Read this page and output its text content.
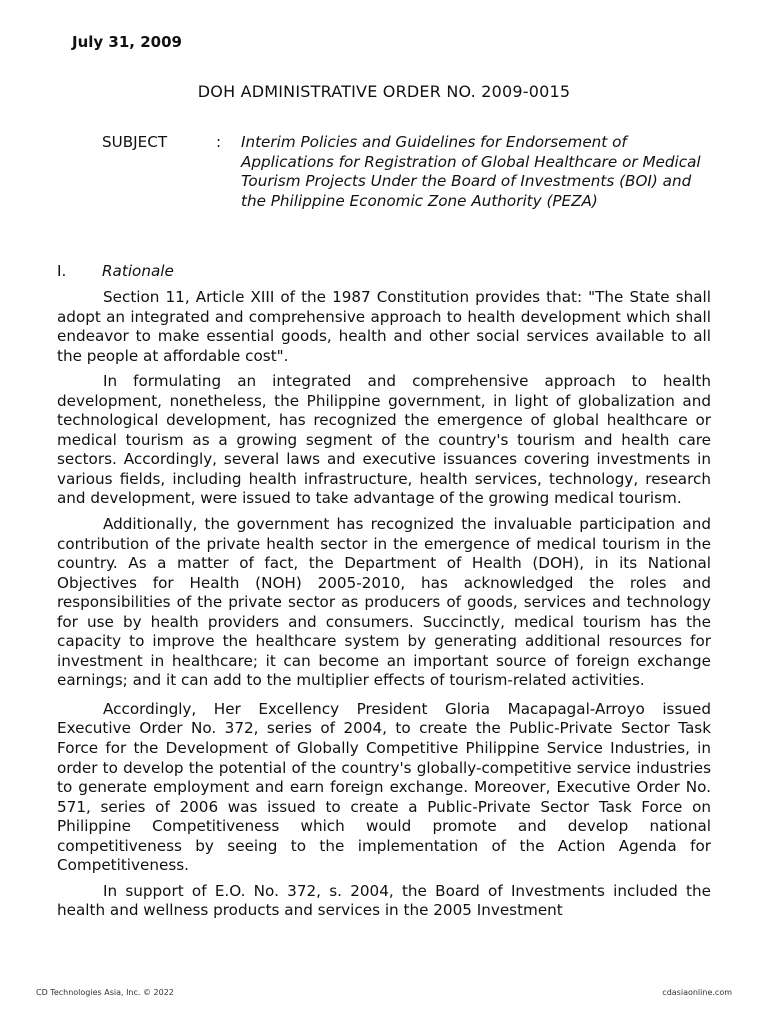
July 31, 2009

DOH ADMINISTRATIVE ORDER NO. 2009-0015
SUBJECT	: Interim Policies and Guidelines for Endorsement of Applications for Registration of Global Healthcare or Medical Tourism Projects Under the Board of Investments (BOI) and the Philippine Economic Zone Authority (PEZA)
I. Rationale

Section 11, Article XIII of the 1987 Constitution provides that: "The State shall adopt an integrated and comprehensive approach to health development which shall endeavor to make essential goods, health and other social services available to all the people at affordable cost".

In formulating an integrated and comprehensive approach to health development, nonetheless, the Philippine government, in light of globalization and technological development, has recognized the emergence of global healthcare or medical tourism as a growing segment of the country's tourism and health care sectors. Accordingly, several laws and executive issuances covering investments in various fields, including health infrastructure, health services, technology, research and development, were issued to take advantage of the growing medical tourism.

Additionally, the government has recognized the invaluable participation and contribution of the private health sector in the emergence of medical tourism in the country. As a matter of fact, the Department of Health (DOH), in its National Objectives for Health (NOH) 2005-2010, has acknowledged the roles and responsibilities of the private sector as producers of goods, services and technology for use by health providers and consumers. Succinctly, medical tourism has the capacity to improve the healthcare system by generating additional resources for investment in healthcare; it can become an important source of foreign exchange earnings; and it can add to the multiplier effects of tourism-related activities.

Accordingly, Her Excellency President Gloria Macapagal-Arroyo issued Executive Order No. 372, series of 2004, to create the Public-Private Sector Task Force for the Development of Globally Competitive Philippine Service Industries, in order to develop the potential of the country's globally-competitive service industries to generate employment and earn foreign exchange. Moreover, Executive Order No. 571, series of 2006 was issued to create a Public-Private Sector Task Force on Philippine Competitiveness which would promote and develop national competitiveness by seeing to the implementation of the Action Agenda for Competitiveness.

In support of E.O. No. 372, s. 2004, the Board of Investments included the health and wellness products and services in the 2005 Investment

CD Technologies Asia, Inc. © 2022	cdasiaonline.com
